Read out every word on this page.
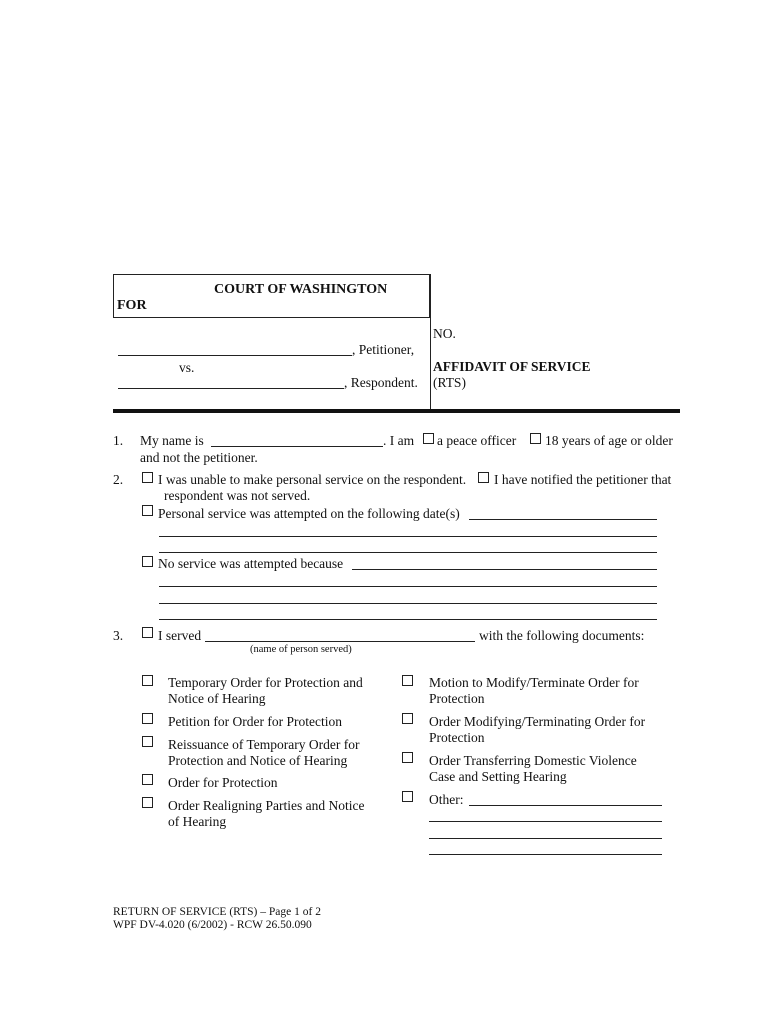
COURT OF WASHINGTON
FOR
, Petitioner,
vs.
, Respondent.
NO.
AFFIDAVIT OF SERVICE
(RTS)
1. My name is	. I am a peace officer 18 years of age or older
and not the petitioner.
2.	I was unable to make personal service on the respondent. I have notified the petitioner that
respondent was not served.
Personal service was attempted on the following date(s)
No service was attempted because
3.	I served	with the following documents:
(name of person served)
Temporary Order for Protection and
Notice of Hearing
Petition for Order for Protection
Reissuance of Temporary Order for
Protection and Notice of Hearing
Order for Protection
Order Realigning Parties and Notice
of Hearing
Motion to Modify/Terminate Order for
Protection
Order Modifying/Terminating Order for
Protection
Order Transferring Domestic Violence
Case and Setting Hearing
Other:
RETURN OF SERVICE (RTS) – Page 1 of 2
WPF DV-4.020 (6/2002) - RCW 26.50.090
